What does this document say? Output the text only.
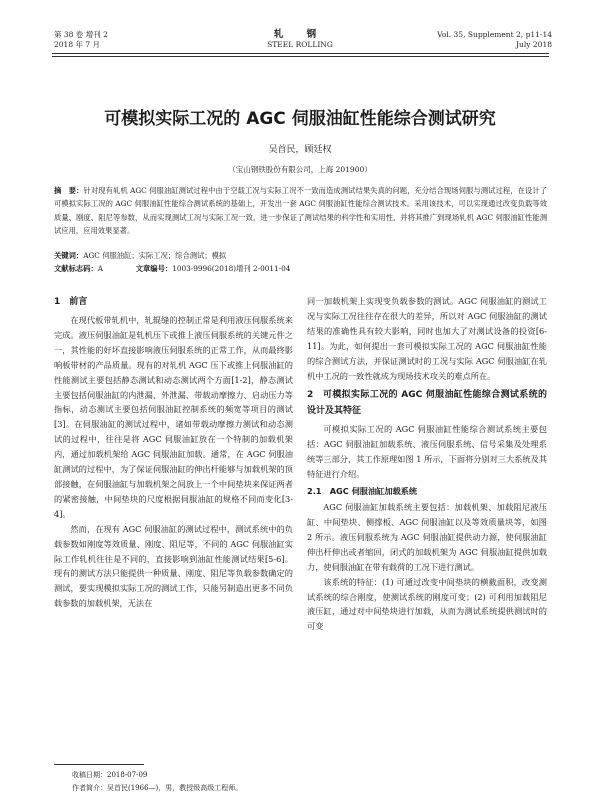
第 38 卷 增刊 2
2018 年 7 月
轧 钢
STEEL ROLLING
Vol. 35, Supplement 2, p11-14
July 2018
可模拟实际工况的 AGC 伺服油缸性能综合测试研究
吴首民，顾廷权
（宝山钢铁股份有限公司，上海 201900）
摘　要：针对现有轧机 AGC 伺服油缸测试过程中由于空载工况与实际工况不一致而造成测试结果失真的问题，充分结合现场伺服与测试过程，在设计了可模拟实际工况的 AGC 伺服油缸性能综合测试系统的基础上，开发出一套 AGC 伺服油缸性能综合测试技术。采用该技术，可以实现通过改变负载等效质量、刚度、阻尼等参数，从而实现测试工况与实际工况一致，进一步保证了测试结果的科学性和实用性，并将其推广到现场轧机 AGC 伺服油缸性能测试应用，应用效果显著。
关键词：AGC 伺服油缸；实际工况；综合测试；模拟
文献标志码：A	文章编号：1003-9996(2018)增刊 2-0011-04
1　前言

在现代板带轧机中，轧辊缝的控制正常是利用液压伺服系统来完成。液压伺服油缸是轧机压下或推上液压伺服系统的关键元件之一，其性能的好坏直接影响液压伺服系统的正常工作，从而最终影响板带材的产品质量。现有的对轧机 AGC 压下或推上伺服油缸的性能测试主要包括静态测试和动态测试两个方面[1-2]，静态测试主要包括伺服油缸的内泄漏、外泄漏、带载动摩擦力、启动压力等指标，动态测试主要包括伺服油缸控制系统的频宽等项目的测试[3]。在伺服油缸的测试过程中，诸如带载动摩擦力测试和动态测试的过程中，往往是将 AGC 伺服油缸放在一个特制的加载机架内，通过加载机架给 AGC 伺服油缸加载。通常，在 AGC 伺服油缸测试的过程中，为了保证伺服油缸的伸出杆能够与加载机架的顶部接触，在伺服油缸与加载机架之间放上一个中间垫块来保证两者的紧密接触，中间垫块的尺度根据伺服油缸的规格不同而变化[3-4]。

然而，在现有 AGC 伺服油缸的测试过程中，测试系统中的负载参数如刚度等效质量、刚度、阻尼等，不同的 AGC 伺服油缸实际工作轧机往往是不同的，直接影响到油缸性能测试结果[5-6]。现有的测试方法只能提供一种质量、刚度、阻尼等负载参数确定的测试，要实现模拟实际工况的测试工作，只能另制造出更多不同负载参数的加载机架，无法在

同一加载机架上实现变负载参数的测试。AGC 伺服油缸的测试工况与实际工况往往存在很大的差异，所以对 AGC 伺服油缸的测试结果的准确性具有较大影响，同时也加大了对测试设备的投资[6-11]。为此，如何提出一套可模拟实际工况的 AGC 伺服油缸性能的综合测试方法，并保证测试时的工况与实际 AGC 伺服油缸在轧机中工况的一致性就成为现场技术攻关的难点所在。

2　可模拟实际工况的 AGC 伺服油缸性能综合测试系统的设计及其特征

可模拟实际工况的 AGC 伺服油缸性能综合测试系统主要包括：AGC 伺服油缸加载系统、液压伺服系统、信号采集及处理系统等三部分，其工作原理如图 1 所示，下面将分别对三大系统及其特征进行介绍。

2.1　AGC 伺服油缸加载系统

AGC 伺服油缸加载系统主要包括：加载机架、加载阻尼液压缸、中间垫块、侧撑板、AGC 伺服油缸以及等效质量块等，如图 2 所示。液压伺服系统为 AGC 伺服油缸提供动力源，使伺服油缸伸出杆伸出或者缩回，闭式的加载机架为 AGC 伺服油缸提供加载力，使伺服油缸在带有载荷的工况下进行测试。

该系统的特征：(1) 可通过改变中间垫块的横截面积，改变测试系统的综合刚度，使测试系统的刚度可变；(2) 可利用加载阻尼液压缸，通过对中间垫块进行加载，从而为测试系统提供测试时的可变

收稿日期：2018-07-09
作者简介：吴首民(1966—)，男，教授级高级工程师。
